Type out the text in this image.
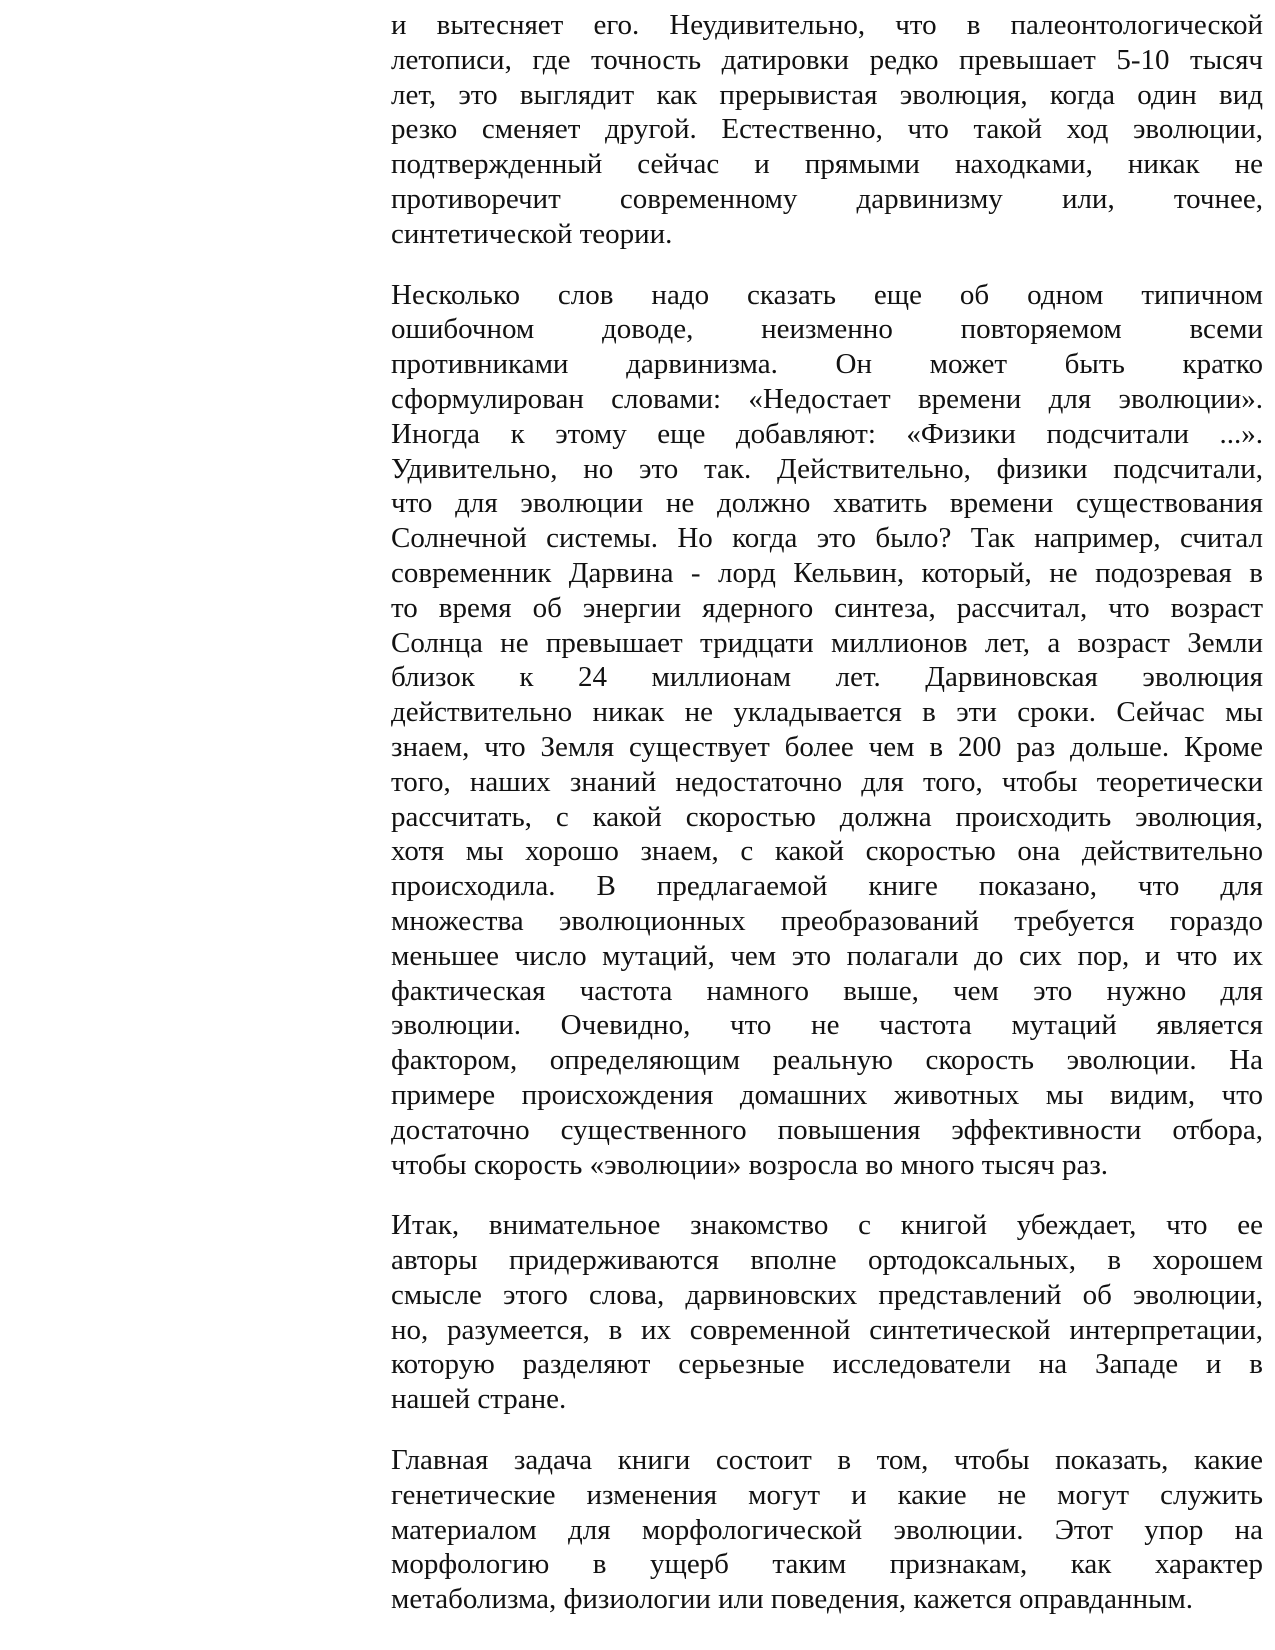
и вытесняет его. Неудивительно, что в палеонтологической
летописи, где точность датировки редко превышает 5-10 тысяч
лет, это выглядит как прерывистая эволюция, когда один вид
резко сменяет другой. Естественно, что такой ход эволюции,
подтвержденный сейчас и прямыми находками, никак не
противоречит современному дарвинизму или, точнее,
синтетической теории.

Несколько слов надо сказать еще об одном типичном
ошибочном доводе, неизменно повторяемом всеми
противниками дарвинизма. Он может быть кратко
сформулирован словами: «Недостает времени для эволюции».
Иногда к этому еще добавляют: «Физики подсчитали ...».
Удивительно, но это так. Действительно, физики подсчитали,
что для эволюции не должно хватить времени существования
Солнечной системы. Но когда это было? Так например, считал
современник Дарвина - лорд Кельвин, который, не подозревая в
то время об энергии ядерного синтеза, рассчитал, что возраст
Солнца не превышает тридцати миллионов лет, а возраст Земли
близок к 24 миллионам лет. Дарвиновская эволюция
действительно никак не укладывается в эти сроки. Сейчас мы
знаем, что Земля существует более чем в 200 раз дольше. Кроме
того, наших знаний недостаточно для того, чтобы теоретически
рассчитать, с какой скоростью должна происходить эволюция,
хотя мы хорошо знаем, с какой скоростью она действительно
происходила. В предлагаемой книге показано, что для
множества эволюционных преобразований требуется гораздо
меньшее число мутаций, чем это полагали до сих пор, и что их
фактическая частота намного выше, чем это нужно для
эволюции. Очевидно, что не частота мутаций является
фактором, определяющим реальную скорость эволюции. На
примере происхождения домашних животных мы видим, что
достаточно существенного повышения эффективности отбора,
чтобы скорость «эволюции» возросла во много тысяч раз.

Итак, внимательное знакомство с книгой убеждает, что ее
авторы придерживаются вполне ортодоксальных, в хорошем
смысле этого слова, дарвиновских представлений об эволюции,
но, разумеется, в их современной синтетической интерпретации,
которую разделяют серьезные исследователи на Западе и в
нашей стране.

Главная задача книги состоит в том, чтобы показать, какие
генетические изменения могут и какие не могут служить
материалом для морфологической эволюции. Этот упор на
морфологию в ущерб таким признакам, как характер
метаболизма, физиологии или поведения, кажется оправданным.
